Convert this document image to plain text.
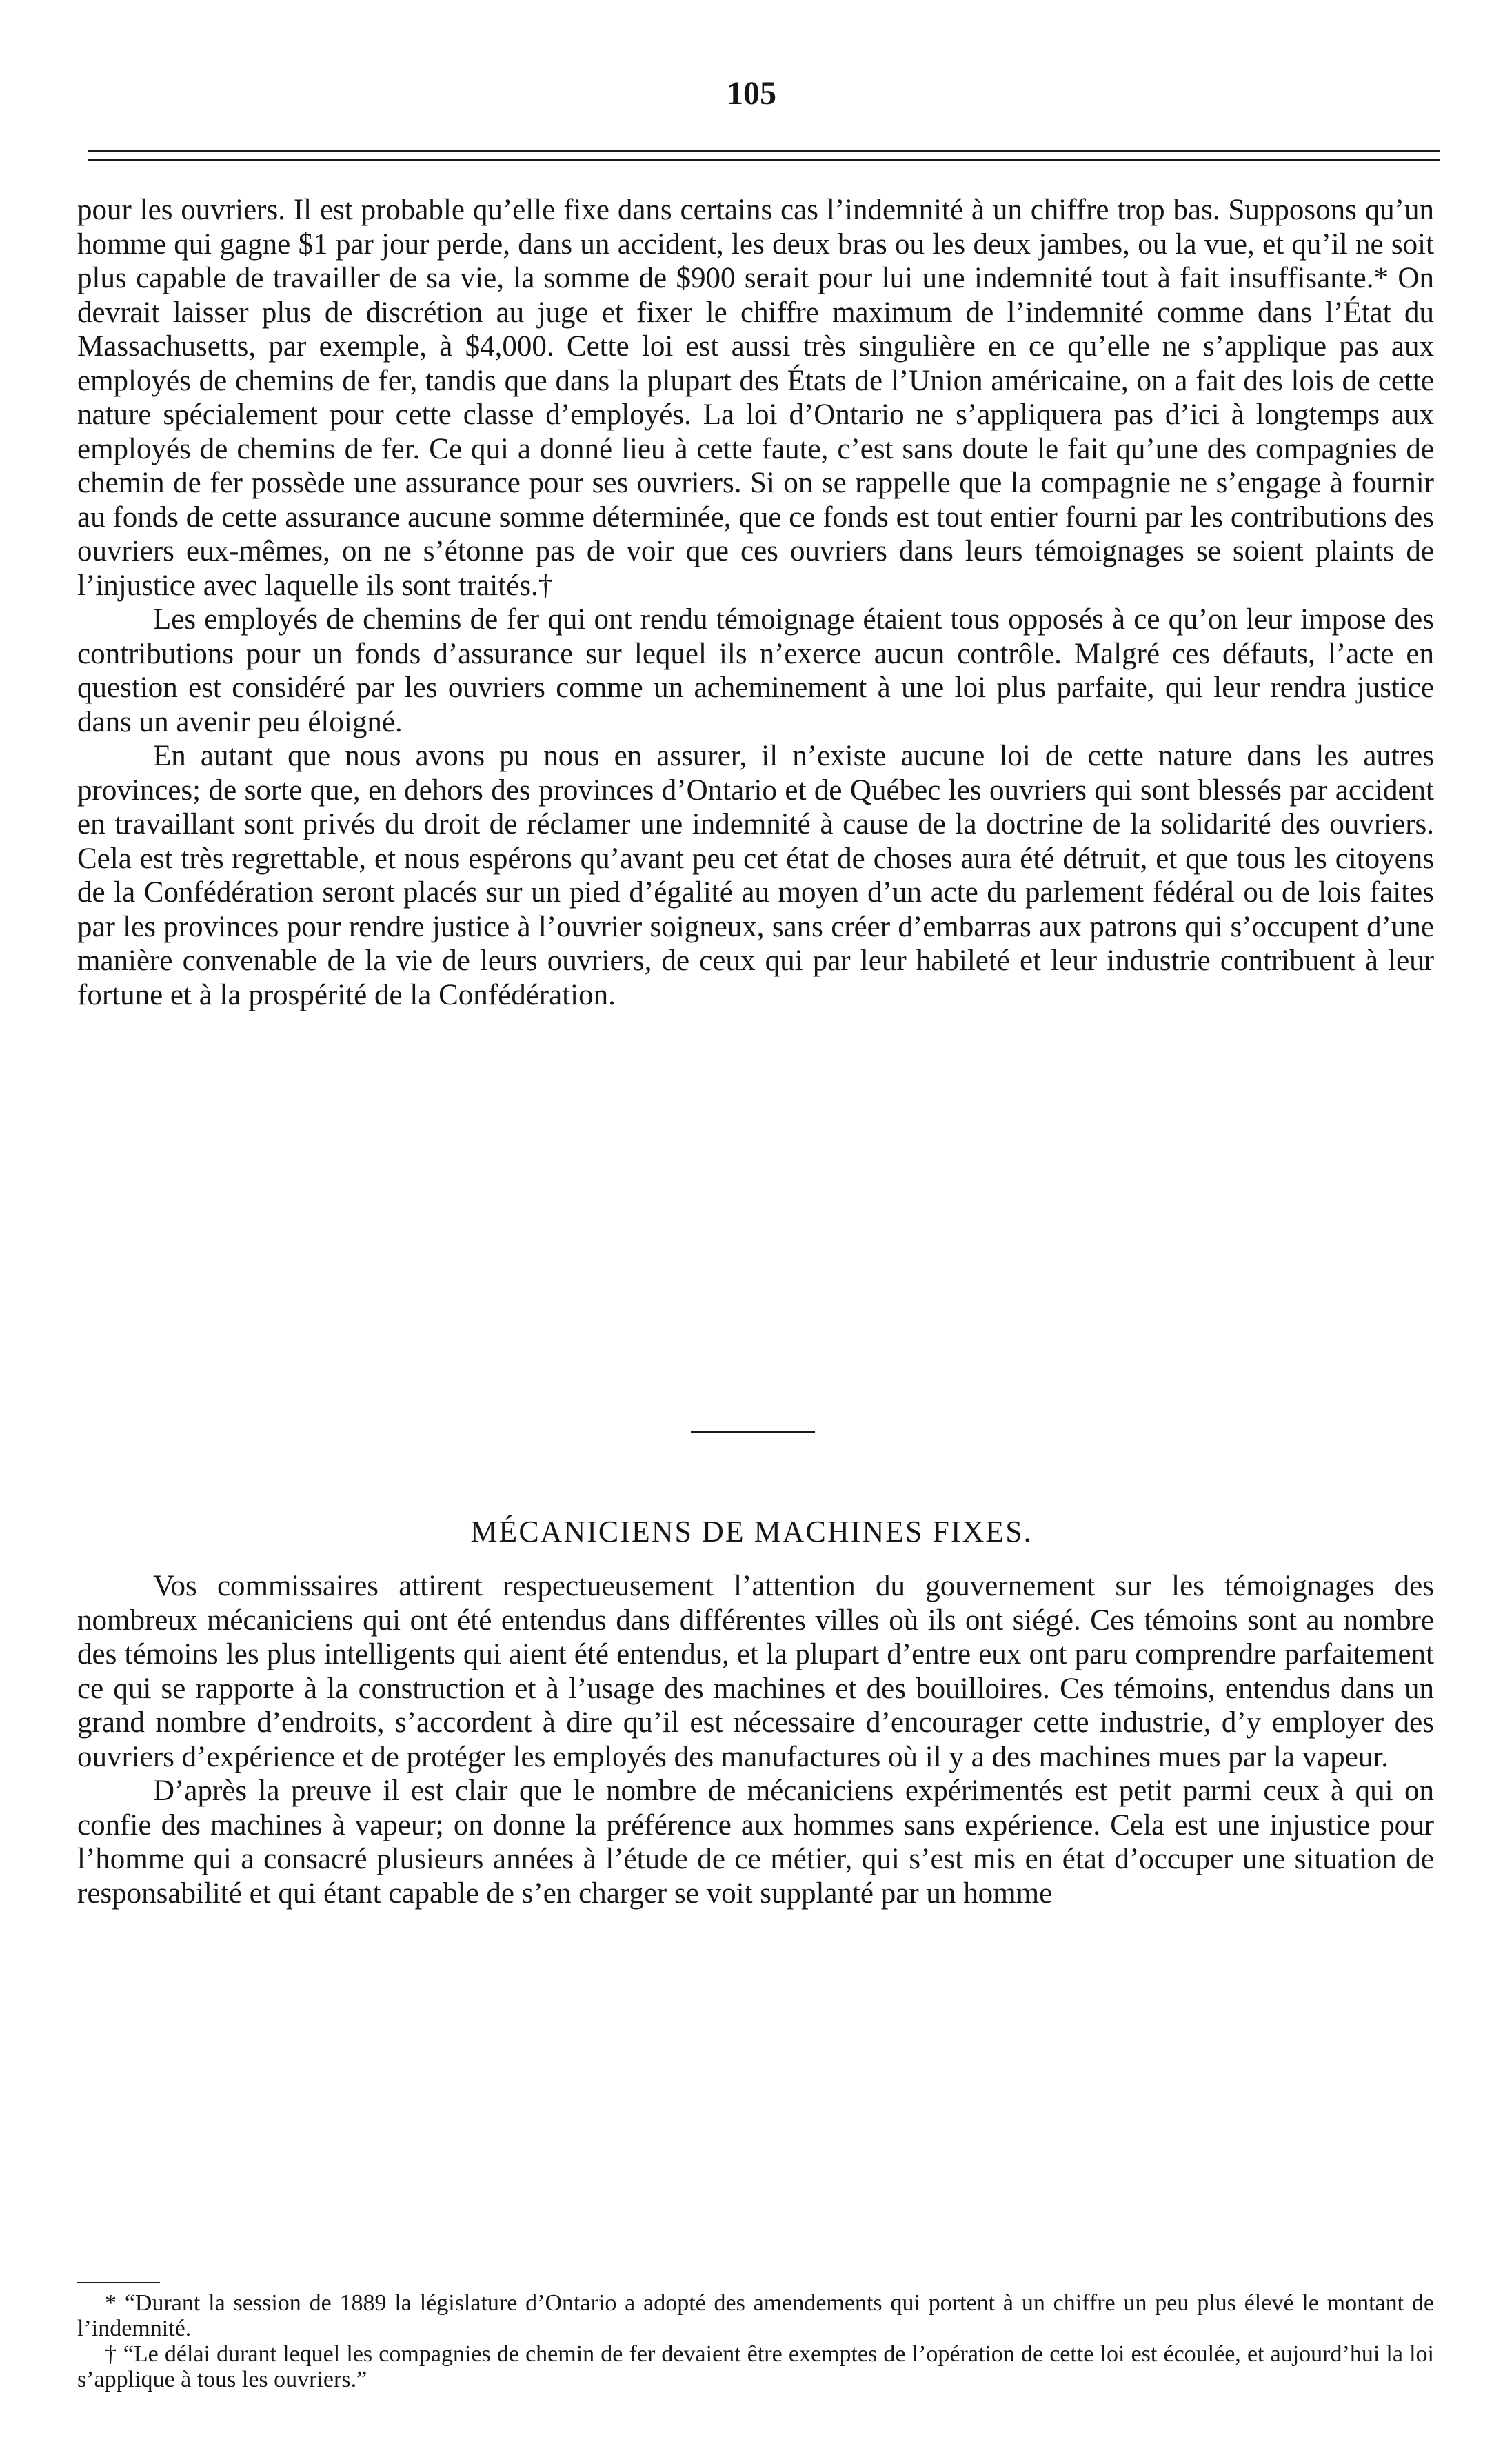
105

pour les ouvriers. Il est probable qu’elle fixe dans certains cas l’indemnité à un chiffre trop bas. Supposons qu’un homme qui gagne $1 par jour perde, dans un accident, les deux bras ou les deux jambes, ou la vue, et qu’il ne soit plus capable de travailler de sa vie, la somme de $900 serait pour lui une indemnité tout à fait insuffisante.* On devrait laisser plus de discrétion au juge et fixer le chiffre maximum de l’indemnité comme dans l’État du Massachusetts, par exemple, à $4,000. Cette loi est aussi très singulière en ce qu’elle ne s’applique pas aux employés de chemins de fer, tandis que dans la plupart des États de l’Union américaine, on a fait des lois de cette nature spécialement pour cette classe d’employés. La loi d’Ontario ne s’appliquera pas d’ici à longtemps aux employés de chemins de fer. Ce qui a donné lieu à cette faute, c’est sans doute le fait qu’une des compagnies de chemin de fer possède une assurance pour ses ouvriers. Si on se rappelle que la compagnie ne s’engage à fournir au fonds de cette assurance aucune somme déterminée, que ce fonds est tout entier fourni par les contributions des ouvriers eux-mêmes, on ne s’étonne pas de voir que ces ouvriers dans leurs témoignages se soient plaints de l’injustice avec laquelle ils sont traités.†

Les employés de chemins de fer qui ont rendu témoignage étaient tous opposés à ce qu’on leur impose des contributions pour un fonds d’assurance sur lequel ils n’exerce aucun contrôle. Malgré ces défauts, l’acte en question est considéré par les ouvriers comme un acheminement à une loi plus parfaite, qui leur rendra justice dans un avenir peu éloigné.

En autant que nous avons pu nous en assurer, il n’existe aucune loi de cette nature dans les autres provinces; de sorte que, en dehors des provinces d’Ontario et de Québec les ouvriers qui sont blessés par accident en travaillant sont privés du droit de réclamer une indemnité à cause de la doctrine de la solidarité des ouvriers. Cela est très regrettable, et nous espérons qu’avant peu cet état de choses aura été détruit, et que tous les citoyens de la Confédération seront placés sur un pied d’égalité au moyen d’un acte du parlement fédéral ou de lois faites par les provinces pour rendre justice à l’ouvrier soigneux, sans créer d’embarras aux patrons qui s’occupent d’une manière convenable de la vie de leurs ouvriers, de ceux qui par leur habileté et leur industrie contribuent à leur fortune et à la prospérité de la Confédération.

MÉCANICIENS DE MACHINES FIXES.

Vos commissaires attirent respectueusement l’attention du gouvernement sur les témoignages des nombreux mécaniciens qui ont été entendus dans différentes villes où ils ont siégé. Ces témoins sont au nombre des témoins les plus intelligents qui aient été entendus, et la plupart d’entre eux ont paru comprendre parfaitement ce qui se rapporte à la construction et à l’usage des machines et des bouilloires. Ces témoins, entendus dans un grand nombre d’endroits, s’accordent à dire qu’il est nécessaire d’encourager cette industrie, d’y employer des ouvriers d’expérience et de protéger les employés des manufactures où il y a des machines mues par la vapeur.

D’après la preuve il est clair que le nombre de mécaniciens expérimentés est petit parmi ceux à qui on confie des machines à vapeur; on donne la préférence aux hommes sans expérience. Cela est une injustice pour l’homme qui a consacré plusieurs années à l’étude de ce métier, qui s’est mis en état d’occuper une situation de responsabilité et qui étant capable de s’en charger se voit supplanté par un homme

* “Durant la session de 1889 la législature d’Ontario a adopté des amendements qui portent à un chiffre un peu plus élevé le montant de l’indemnité.

† “Le délai durant lequel les compagnies de chemin de fer devaient être exemptes de l’opération de cette loi est écoulée, et aujourd’hui la loi s’applique à tous les ouvriers.”
